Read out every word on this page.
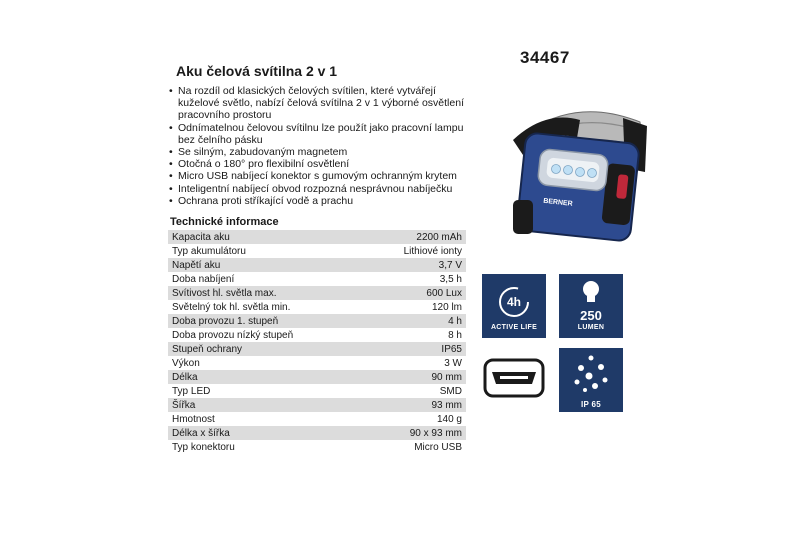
34467
Aku čelová svítilna 2 v 1
• Na rozdíl od klasických čelových svítilen, které vytvářejí kuželové světlo, nabízí čelová svítilna 2 v 1 výborné osvětlení pracovního prostoru
• Odnímatelnou čelovou svítilnu lze použít jako pracovní lampu bez čelního pásku
• Se silným, zabudovaným magnetem
• Otočná o 180° pro flexibilní osvětlení
• Micro USB nabíjecí konektor s gumovým ochranným krytem
• Inteligentní nabíjecí obvod rozpozná nesprávnou nabíječku
• Ochrana proti stříkající vodě a prachu
Technické informace
Kapacita aku	2200 mAh
Typ akumulátoru	Lithiové ionty
Napětí aku	3,7 V
Doba nabíjení	3,5 h
Svítivost hl. světla max.	600 Lux
Světelný tok hl. světla min.	120 lm
Doba provozu 1. stupeň	4 h
Doba provozu nízký stupeň	8 h
Stupeň ochrany	IP65
Výkon	3 W
Délka	90 mm
Typ LED	SMD
Šířka	93 mm
Hmotnost	140 g
Délka x šířka	90 x 93 mm
Typ konektoru	Micro USB
BERNER
4h
ACTIVE LIFE
250
LUMEN
IP 65
